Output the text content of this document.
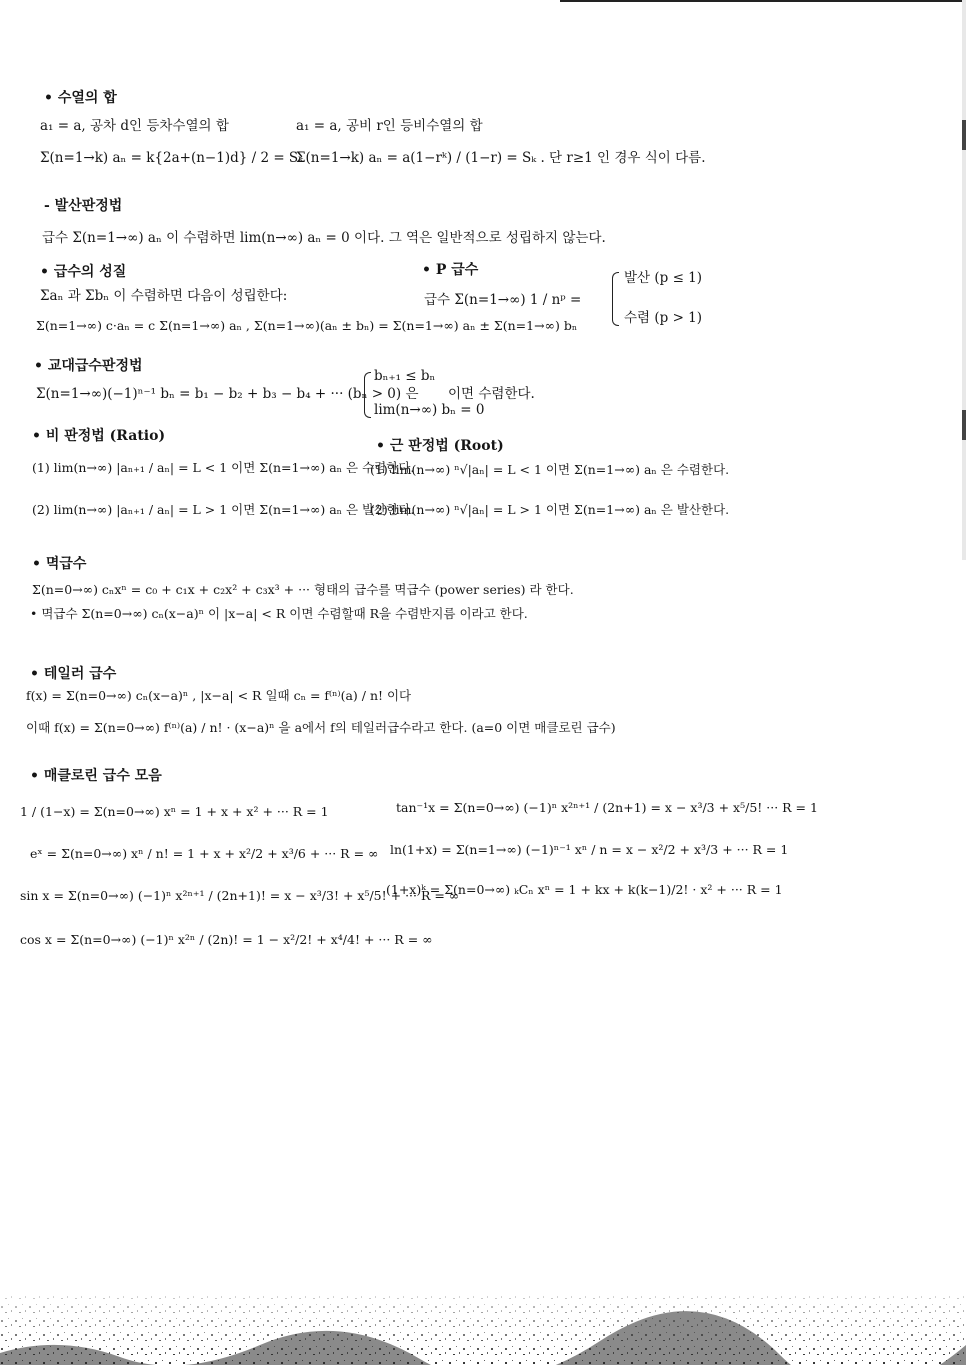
• 수열의 합
a₁ = a, 공차 d인 등차수열의 합
Σ(n=1→k) aₙ = k{2a+(n−1)d} / 2 = Sₖ
a₁ = a, 공비 r인 등비수열의 합
Σ(n=1→k) aₙ = a(1−rᵏ) / (1−r) = Sₖ . 단 r≥1 인 경우 식이 다름.
- 발산판정법
급수 Σ(n=1→∞) aₙ 이 수렴하면 lim(n→∞) aₙ = 0 이다. 그 역은 일반적으로 성립하지 않는다.
• 급수의 성질
Σaₙ 과 Σbₙ 이 수렴하면 다음이 성립한다:
Σ(n=1→∞) c·aₙ = c Σ(n=1→∞) aₙ , Σ(n=1→∞)(aₙ ± bₙ) = Σ(n=1→∞) aₙ ± Σ(n=1→∞) bₙ
• P 급수
급수 Σ(n=1→∞) 1 / nᵖ =
발산 (p ≤ 1)
수렴 (p > 1)
• 교대급수판정법
Σ(n=1→∞)(−1)ⁿ⁻¹ bₙ = b₁ − b₂ + b₃ − b₄ + ··· (bₙ > 0) 은
bₙ₊₁ ≤ bₙ
lim(n→∞) bₙ = 0
이면 수렴한다.
• 비 판정법 (Ratio)
(1) lim(n→∞) |aₙ₊₁ / aₙ| = L < 1 이면 Σ(n=1→∞) aₙ 은 수렴한다.
(2) lim(n→∞) |aₙ₊₁ / aₙ| = L > 1 이면 Σ(n=1→∞) aₙ 은 발산한다.
• 근 판정법 (Root)
(1) lim(n→∞) ⁿ√|aₙ| = L < 1 이면 Σ(n=1→∞) aₙ 은 수렴한다.
(2) lim(n→∞) ⁿ√|aₙ| = L > 1 이면 Σ(n=1→∞) aₙ 은 발산한다.
• 멱급수
Σ(n=0→∞) cₙxⁿ = c₀ + c₁x + c₂x² + c₃x³ + ··· 형태의 급수를 멱급수 (power series) 라 한다.
• 멱급수 Σ(n=0→∞) cₙ(x−a)ⁿ 이 |x−a| < R 이면 수렴할때 R을 수렴반지름 이라고 한다.
• 테일러 급수
f(x) = Σ(n=0→∞) cₙ(x−a)ⁿ , |x−a| < R 일때 cₙ = f⁽ⁿ⁾(a) / n! 이다
이때 f(x) = Σ(n=0→∞) f⁽ⁿ⁾(a) / n! · (x−a)ⁿ 을 a에서 f의 테일러급수라고 한다. (a=0 이면 매클로린 급수)
• 매클로린 급수 모음
1 / (1−x) = Σ(n=0→∞) xⁿ = 1 + x + x² + ··· R = 1
eˣ = Σ(n=0→∞) xⁿ / n! = 1 + x + x²/2 + x³/6 + ··· R = ∞
sin x = Σ(n=0→∞) (−1)ⁿ x²ⁿ⁺¹ / (2n+1)! = x − x³/3! + x⁵/5! + ··· R = ∞
cos x = Σ(n=0→∞) (−1)ⁿ x²ⁿ / (2n)! = 1 − x²/2! + x⁴/4! + ··· R = ∞
tan⁻¹x = Σ(n=0→∞) (−1)ⁿ x²ⁿ⁺¹ / (2n+1) = x − x³/3 + x⁵/5! ··· R = 1
ln(1+x) = Σ(n=1→∞) (−1)ⁿ⁻¹ xⁿ / n = x − x²/2 + x³/3 + ··· R = 1
(1+x)ᵏ = Σ(n=0→∞) ₖCₙ xⁿ = 1 + kx + k(k−1)/2! · x² + ··· R = 1
